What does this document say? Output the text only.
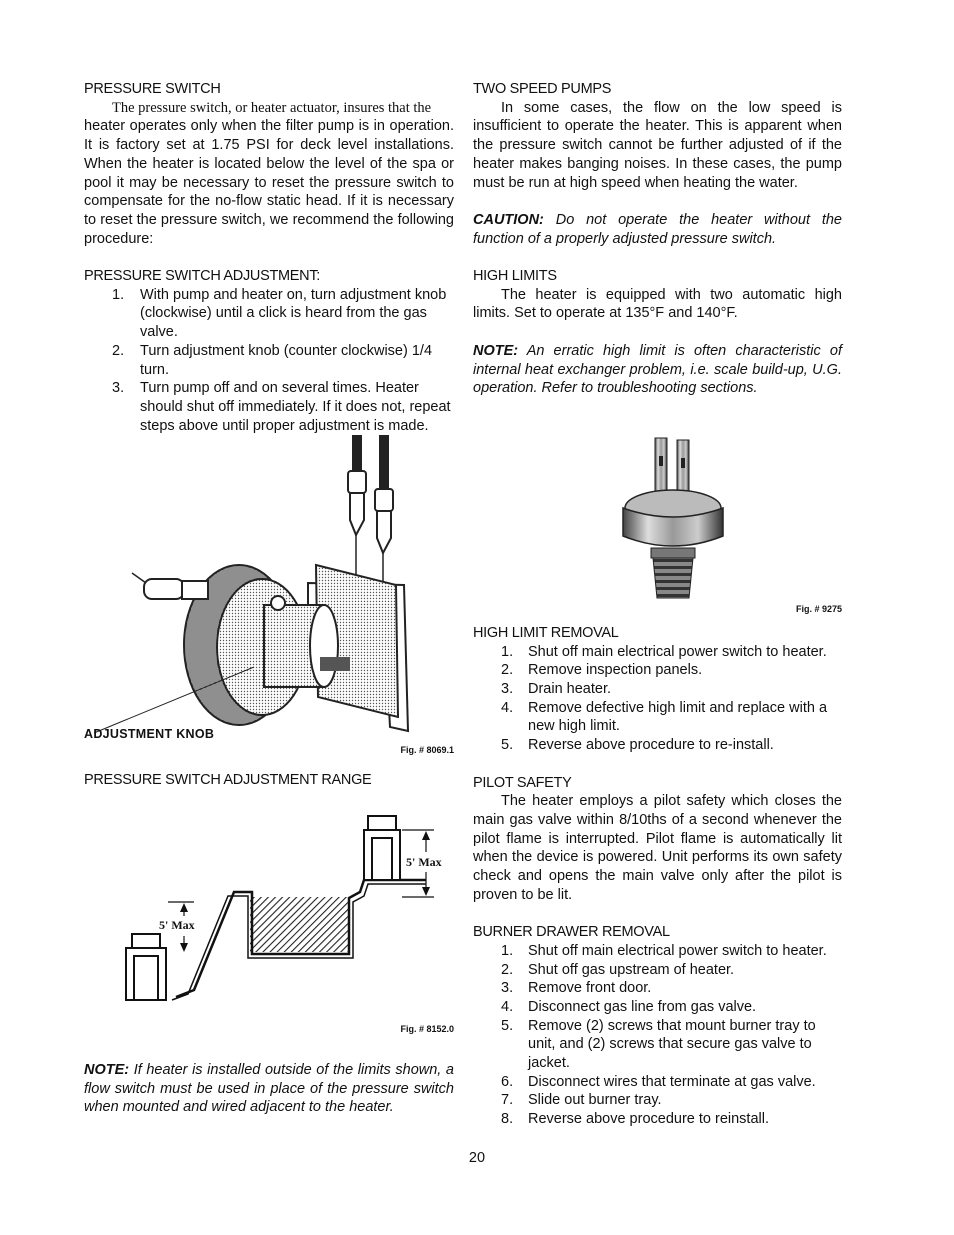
PRESSURE SWITCH

The pressure switch, or heater actuator, insures that the

heater operates only when the filter pump is in operation. It is factory set at 1.75 PSI for deck level installations. When the heater is located below the level of the spa or pool it may be necessary to reset the pressure switch to compensate for the no-flow static head. If it is necessary to reset the pressure switch, we recommend the following procedure:

PRESSURE SWITCH ADJUSTMENT:
1. With pump and heater on, turn adjustment knob (clockwise) until a click is heard from the gas valve.
2. Turn adjustment knob (counter clockwise) 1/4 turn.
3. Turn pump off and on several times. Heater should shut off immediately. If it does not, repeat steps above until proper adjustment is made.
ADJUSTMENT KNOB
Fig. # 8069.1
PRESSURE SWITCH ADJUSTMENT RANGE
5' Max
5' Max
Fig. # 8152.0

NOTE: If heater is installed outside of the limits shown, a flow switch must be used in place of the pressure switch when mounted and wired adjacent to the heater.

TWO SPEED PUMPS

In some cases, the flow on the low speed is insufficient to operate the heater. This is apparent when the pressure switch cannot be further adjusted of if the heater makes banging noises. In these cases, the pump must be run at high speed when heating the water.

CAUTION: Do not operate the heater without the function of a properly adjusted pressure switch.

HIGH LIMITS

The heater is equipped with two automatic high limits. Set to operate at 135°F and 140°F.

NOTE: An erratic high limit is often characteristic of internal heat exchanger problem, i.e. scale build-up, U.G. operation. Refer to troubleshooting sections.

Fig. # 9275
HIGH LIMIT REMOVAL
1. Shut off main electrical power switch to heater.
2. Remove inspection panels.
3. Drain heater.
4. Remove defective high limit and replace with a new high limit.
5. Reverse above procedure to re-install.
PILOT SAFETY

The heater employs a pilot safety which closes the main gas valve within 8/10ths of a second whenever the pilot flame is interrupted. Pilot flame is automatically lit when the device is powered. Unit performs its own safety check and opens the main valve only after the pilot is proven to be lit.

BURNER DRAWER REMOVAL
1. Shut off main electrical power switch to heater.
2. Shut off gas upstream of heater.
3. Remove front door.
4. Disconnect gas line from gas valve.
5. Remove (2) screws that mount burner tray to unit, and (2) screws that secure gas valve to jacket.
6. Disconnect wires that terminate at gas valve.
7. Slide out burner tray.
8. Reverse above procedure to reinstall.
20
